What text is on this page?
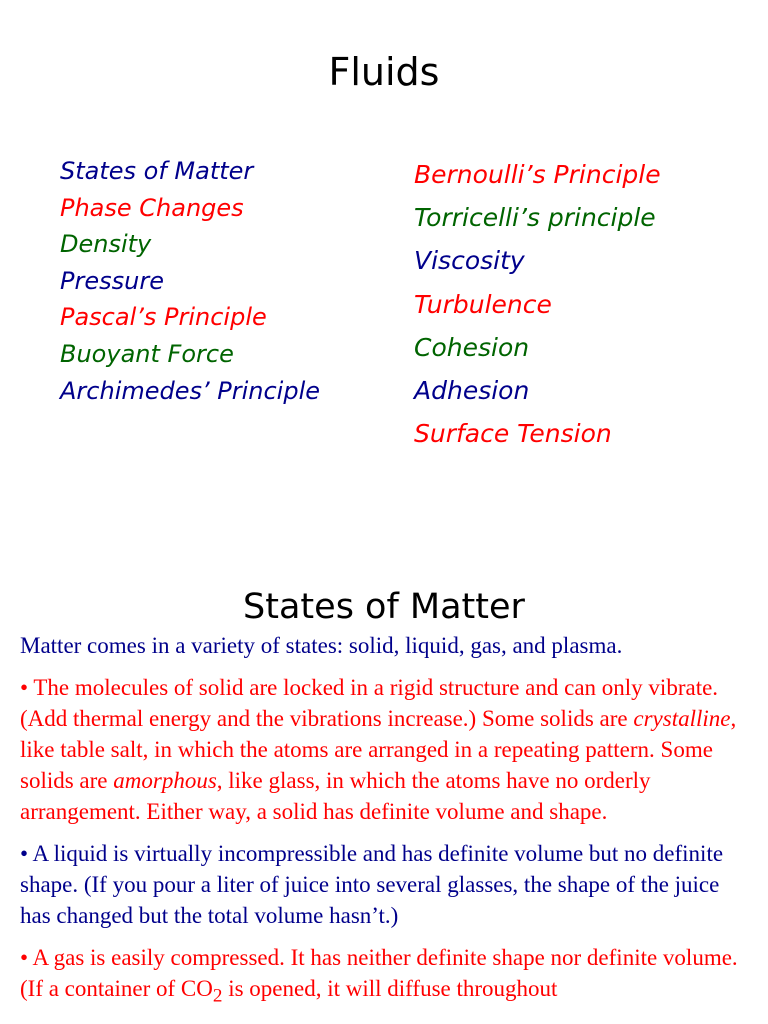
Fluids
States of Matter
Phase Changes
Density
Pressure
Pascal’s Principle
Buoyant Force
Archimedes’ Principle
Bernoulli’s Principle
Torricelli’s principle
Viscosity
Turbulence
Cohesion
Adhesion
Surface Tension
States of Matter

Matter comes in a variety of states: solid, liquid, gas, and plasma.

• The molecules of solid are locked in a rigid structure and can only vibrate. (Add thermal energy and the vibrations increase.) Some solids are crystalline, like table salt, in which the atoms are arranged in a repeating pattern. Some solids are amorphous, like glass, in which the atoms have no orderly arrangement. Either way, a solid has definite volume and shape.

• A liquid is virtually incompressible and has definite volume but no definite shape. (If you pour a liter of juice into several glasses, the shape of the juice has changed but the total volume hasn’t.)

• A gas is easily compressed. It has neither definite shape nor definite volume. (If a container of $CO_2$ is opened, it will diffuse throughout
